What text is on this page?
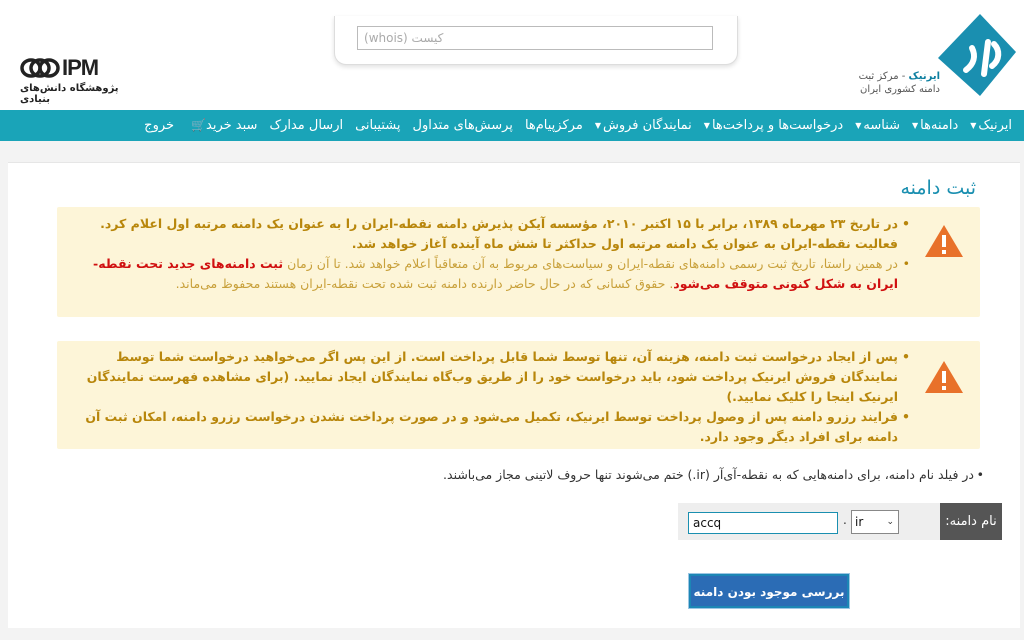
IPM
پژوهشگاه دانش‌های بنیادی
کیست (whois)
ایرنیک - مرکز ثبت
دامنه کشوری ایران
ایرنیک
▼
دامنه‌ها
▼
شناسه
▼
درخواست‌ها و پرداخت‌ها
▼
نمایندگان فروش
▼
مرکزپیام‌ها
پرسش‌های متداول
پشتیبانی
ارسال مدارک
سبد خرید
🛒
خروج
ثبت دامنه
• در تاریخ ۲۳ مهرماه ۱۳۸۹، برابر با ۱۵ اکتبر ۲۰۱۰، مؤسسه آیکن پذیرش دامنه نقطه-ایران را به عنوان یک دامنه مرتبه اول اعلام کرد. فعالیت نقطه-ایران به عنوان یک دامنه مرتبه اول حداکثر تا شش ماه آینده آغاز خواهد شد.
• در همین راستا، تاریخ ثبت رسمی دامنه‌های نقطه-ایران و سیاست‌های مربوط به آن متعاقباً اعلام خواهد شد. تا آن زمان ثبت دامنه‌های جدید تحت نقطه-ایران به شکل کنونی متوقف می‌شود. حقوق کسانی که در حال حاضر دارنده دامنه ثبت شده تحت نقطه-ایران هستند محفوظ می‌ماند.
• پس از ایجاد درخواست ثبت دامنه، هزینه آن، تنها توسط شما قابل پرداخت است. از این پس اگر می‌خواهید درخواست شما توسط نمایندگان فروش ایرنیک پرداخت شود، باید درخواست خود را از طریق وب‌گاه نمایندگان ایجاد نمایید. (برای مشاهده فهرست نمایندگان ایرنیک اینجا را کلیک نمایید.)
• فرایند رزرو دامنه پس از وصول پرداخت توسط ایرنیک، تکمیل می‌شود و در صورت پرداخت نشدن درخواست رزرو دامنه، امکان ثبت آن دامنه برای افراد دیگر وجود دارد.
• در فیلد نام دامنه، برای دامنه‌هایی که به نقطه-آی‌آر (ir.) ختم می‌شوند تنها حروف لاتینی مجاز می‌باشند.
نام دامنه:
accq
. ir	⌄
بررسی موجود بودن دامنه »
